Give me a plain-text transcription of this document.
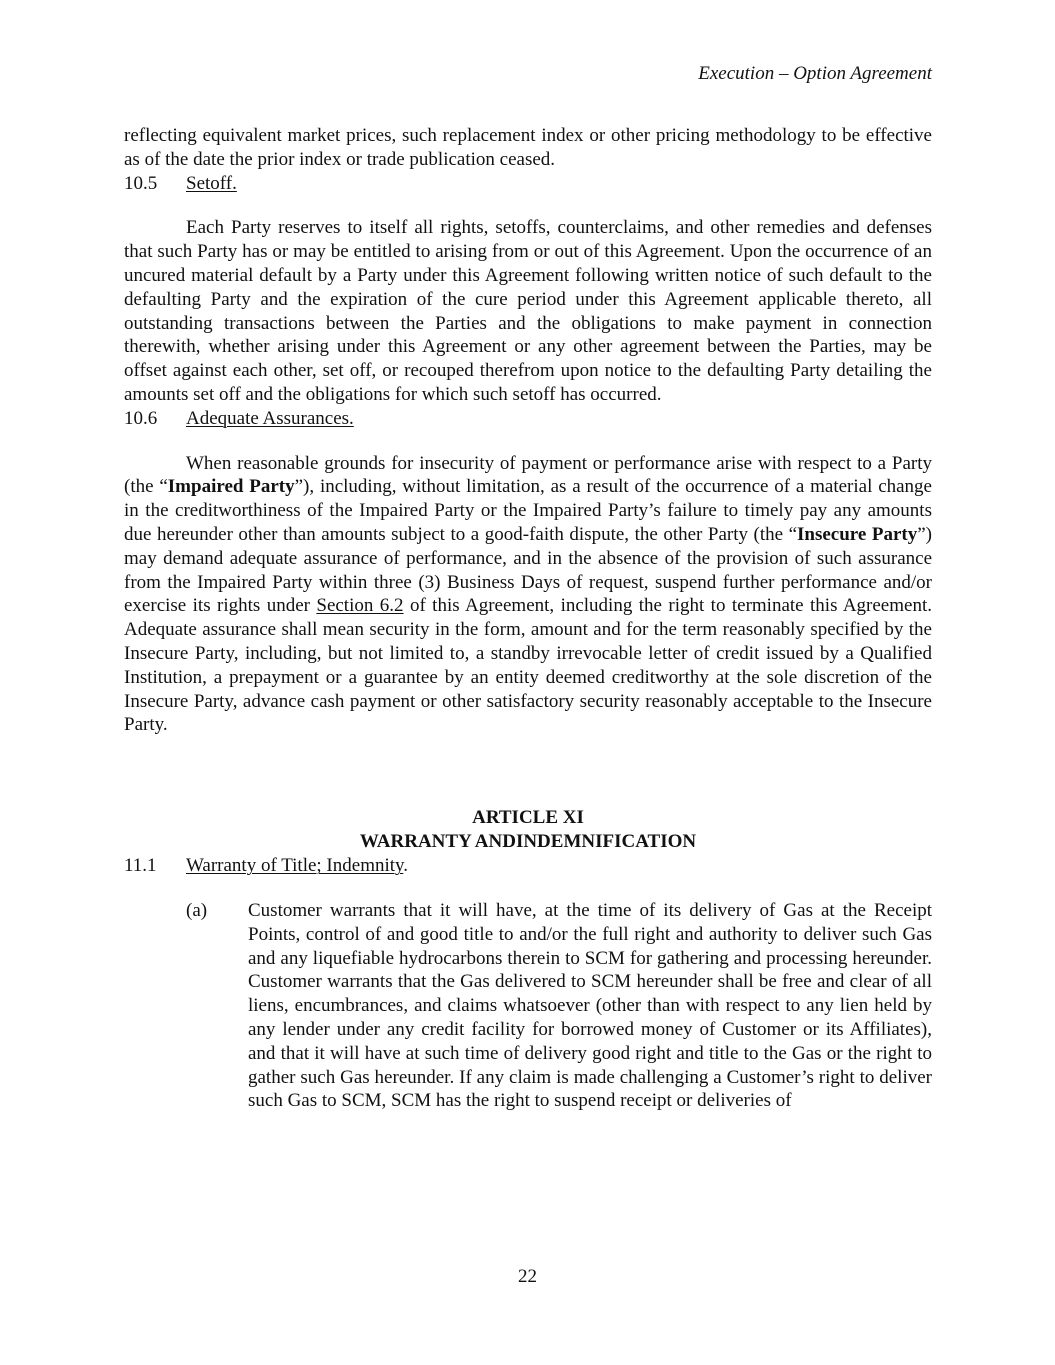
Execution – Option Agreement

reflecting equivalent market prices, such replacement index or other pricing methodology to be effective as of the date the prior index or trade publication ceased.

10.5	Setoff.

Each Party reserves to itself all rights, setoffs, counterclaims, and other remedies and defenses that such Party has or may be entitled to arising from or out of this Agreement. Upon the occurrence of an uncured material default by a Party under this Agreement following written notice of such default to the defaulting Party and the expiration of the cure period under this Agreement applicable thereto, all outstanding transactions between the Parties and the obligations to make payment in connection therewith, whether arising under this Agreement or any other agreement between the Parties, may be offset against each other, set off, or recouped therefrom upon notice to the defaulting Party detailing the amounts set off and the obligations for which such setoff has occurred.

10.6	Adequate Assurances.

When reasonable grounds for insecurity of payment or performance arise with respect to a Party (the “Impaired Party”), including, without limitation, as a result of the occurrence of a material change in the creditworthiness of the Impaired Party or the Impaired Party’s failure to timely pay any amounts due hereunder other than amounts subject to a good-faith dispute, the other Party (the “Insecure Party”) may demand adequate assurance of performance, and in the absence of the provision of such assurance from the Impaired Party within three (3) Business Days of request, suspend further performance and/or exercise its rights under Section 6.2 of this Agreement, including the right to terminate this Agreement. Adequate assurance shall mean security in the form, amount and for the term reasonably specified by the Insecure Party, including, but not limited to, a standby irrevocable letter of credit issued by a Qualified Institution, a prepayment or a guarantee by an entity deemed creditworthy at the sole discretion of the Insecure Party, advance cash payment or other satisfactory security reasonably acceptable to the Insecure Party.

ARTICLE XI
WARRANTY ANDINDEMNIFICATION
11.1	Warranty of Title; Indemnity.
(a)	Customer warrants that it will have, at the time of its delivery of Gas at the Receipt Points, control of and good title to and/or the full right and authority to deliver such Gas and any liquefiable hydrocarbons therein to SCM for gathering and processing hereunder. Customer warrants that the Gas delivered to SCM hereunder shall be free and clear of all liens, encumbrances, and claims whatsoever (other than with respect to any lien held by any lender under any credit facility for borrowed money of Customer or its Affiliates), and that it will have at such time of delivery good right and title to the Gas or the right to gather such Gas hereunder. If any claim is made challenging a Customer’s right to deliver such Gas to SCM, SCM has the right to suspend receipt or deliveries of
22
